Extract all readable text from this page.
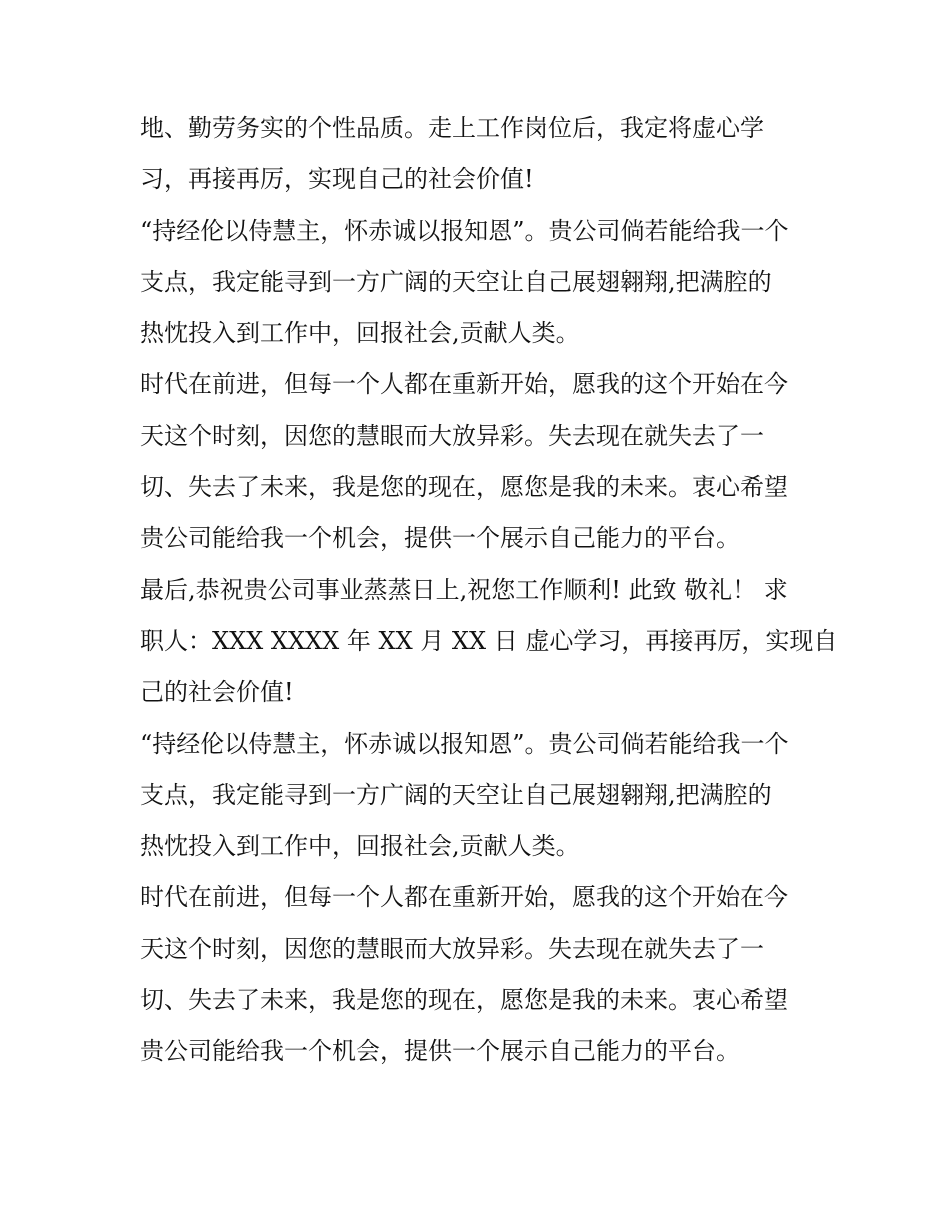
地、勤劳务实的个性品质。走上工作岗位后，我定将虚心学
习，再接再厉，实现自己的社会价值!
“持经伦以侍慧主，怀赤诚以报知恩”。贵公司倘若能给我一个
支点，我定能寻到一方广阔的天空让自己展翅翱翔,把满腔的
热忱投入到工作中，回报社会,贡献人类。
时代在前进，但每一个人都在重新开始，愿我的这个开始在今
天这个时刻，因您的慧眼而大放异彩。失去现在就失去了一
切、失去了未来，我是您的现在，愿您是我的未来。衷心希望
贵公司能给我一个机会，提供一个展示自己能力的平台。
最后,恭祝贵公司事业蒸蒸日上,祝您工作顺利! 此致 敬礼！ 求
职人：XXX XXXX 年 XX 月 XX 日 虚心学习，再接再厉，实现自
己的社会价值!
“持经伦以侍慧主，怀赤诚以报知恩”。贵公司倘若能给我一个
支点，我定能寻到一方广阔的天空让自己展翅翱翔,把满腔的
热忱投入到工作中，回报社会,贡献人类。
时代在前进，但每一个人都在重新开始，愿我的这个开始在今
天这个时刻，因您的慧眼而大放异彩。失去现在就失去了一
切、失去了未来，我是您的现在，愿您是我的未来。衷心希望
贵公司能给我一个机会，提供一个展示自己能力的平台。
